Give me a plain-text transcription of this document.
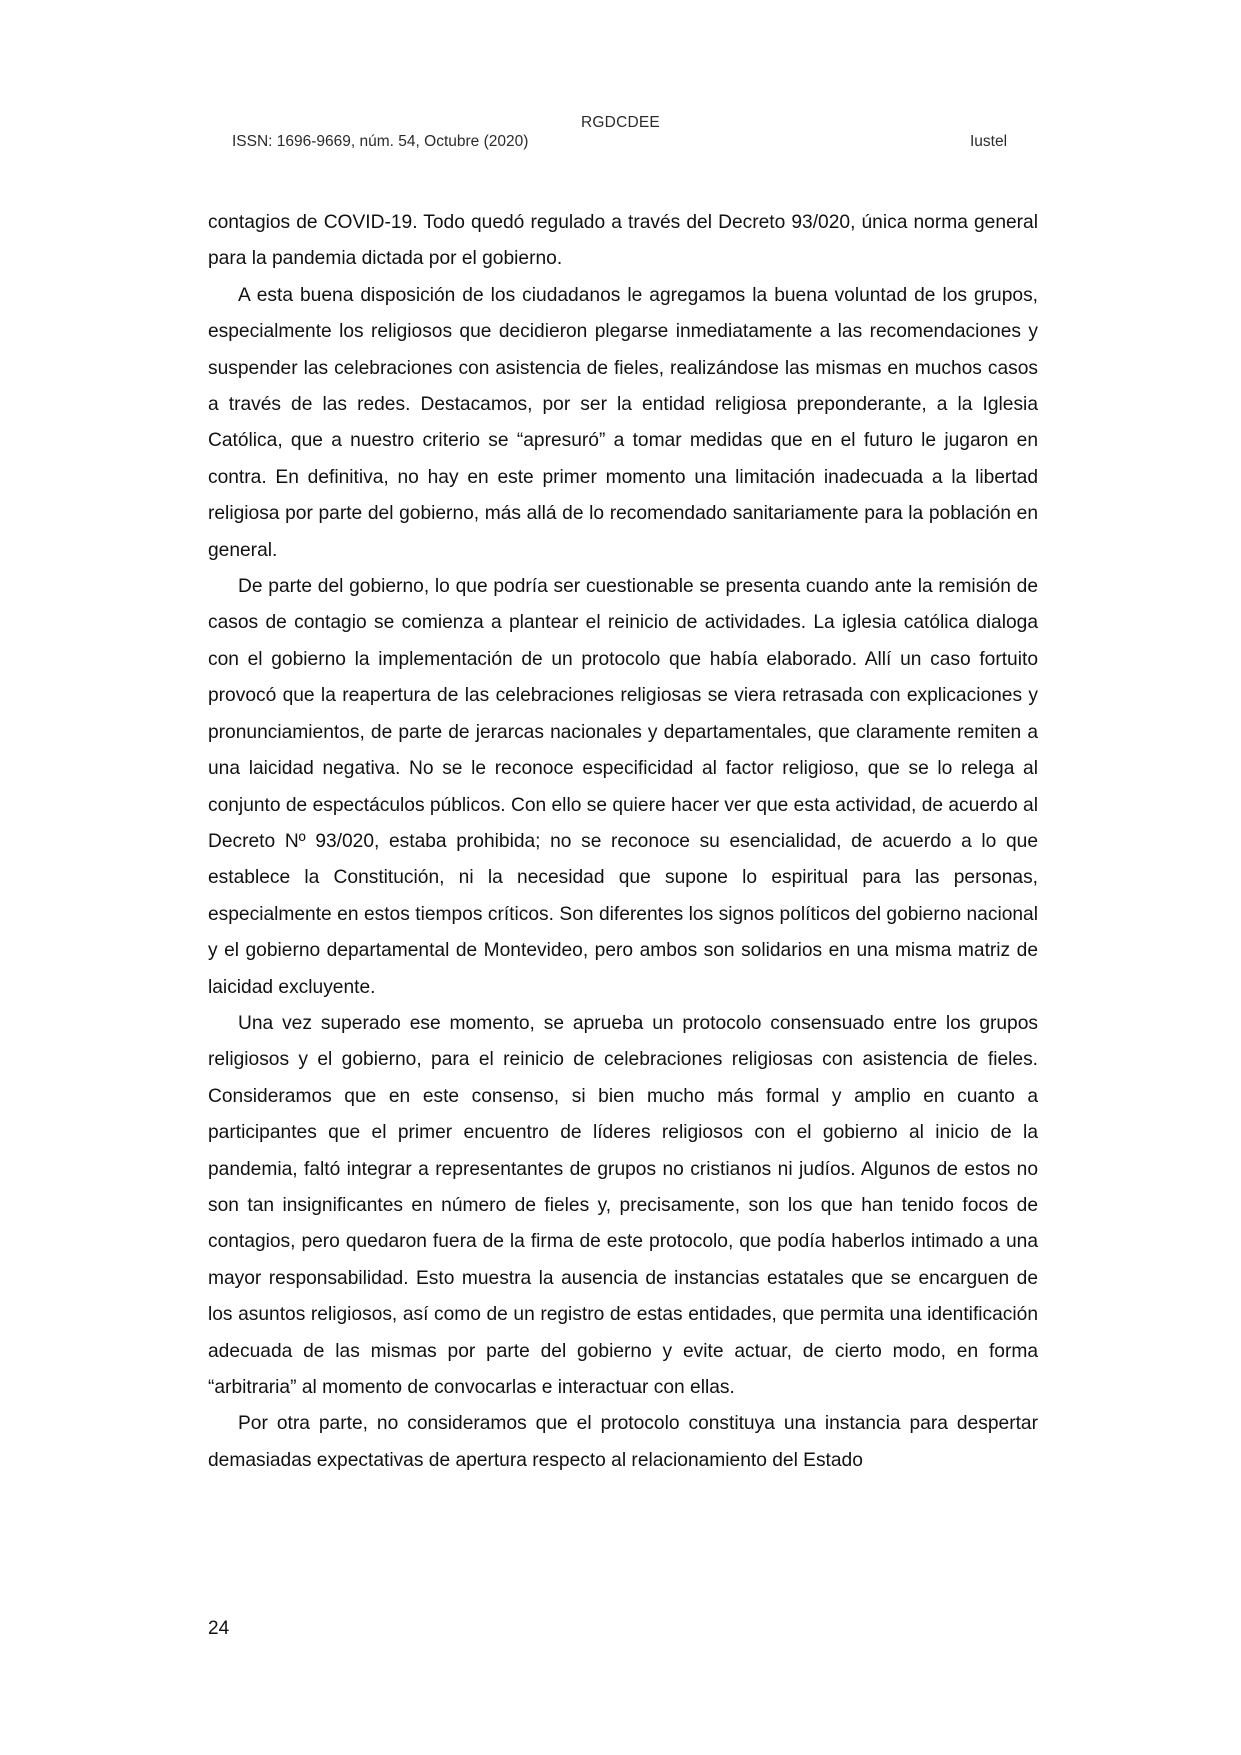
RGDCDEE
ISSN: 1696-9669, núm. 54, Octubre (2020)	Iustel

contagios de COVID-19. Todo quedó regulado a través del Decreto 93/020, única norma general para la pandemia dictada por el gobierno.

A esta buena disposición de los ciudadanos le agregamos la buena voluntad de los grupos, especialmente los religiosos que decidieron plegarse inmediatamente a las recomendaciones y suspender las celebraciones con asistencia de fieles, realizándose las mismas en muchos casos a través de las redes. Destacamos, por ser la entidad religiosa preponderante, a la Iglesia Católica, que a nuestro criterio se “apresuró” a tomar medidas que en el futuro le jugaron en contra. En definitiva, no hay en este primer momento una limitación inadecuada a la libertad religiosa por parte del gobierno, más allá de lo recomendado sanitariamente para la población en general.

De parte del gobierno, lo que podría ser cuestionable se presenta cuando ante la remisión de casos de contagio se comienza a plantear el reinicio de actividades. La iglesia católica dialoga con el gobierno la implementación de un protocolo que había elaborado. Allí un caso fortuito provocó que la reapertura de las celebraciones religiosas se viera retrasada con explicaciones y pronunciamientos, de parte de jerarcas nacionales y departamentales, que claramente remiten a una laicidad negativa. No se le reconoce especificidad al factor religioso, que se lo relega al conjunto de espectáculos públicos. Con ello se quiere hacer ver que esta actividad, de acuerdo al Decreto Nº 93/020, estaba prohibida; no se reconoce su esencialidad, de acuerdo a lo que establece la Constitución, ni la necesidad que supone lo espiritual para las personas, especialmente en estos tiempos críticos. Son diferentes los signos políticos del gobierno nacional y el gobierno departamental de Montevideo, pero ambos son solidarios en una misma matriz de laicidad excluyente.

Una vez superado ese momento, se aprueba un protocolo consensuado entre los grupos religiosos y el gobierno, para el reinicio de celebraciones religiosas con asistencia de fieles. Consideramos que en este consenso, si bien mucho más formal y amplio en cuanto a participantes que el primer encuentro de líderes religiosos con el gobierno al inicio de la pandemia, faltó integrar a representantes de grupos no cristianos ni judíos. Algunos de estos no son tan insignificantes en número de fieles y, precisamente, son los que han tenido focos de contagios, pero quedaron fuera de la firma de este protocolo, que podía haberlos intimado a una mayor responsabilidad. Esto muestra la ausencia de instancias estatales que se encarguen de los asuntos religiosos, así como de un registro de estas entidades, que permita una identificación adecuada de las mismas por parte del gobierno y evite actuar, de cierto modo, en forma “arbitraria” al momento de convocarlas e interactuar con ellas.

Por otra parte, no consideramos que el protocolo constituya una instancia para despertar demasiadas expectativas de apertura respecto al relacionamiento del Estado

24
